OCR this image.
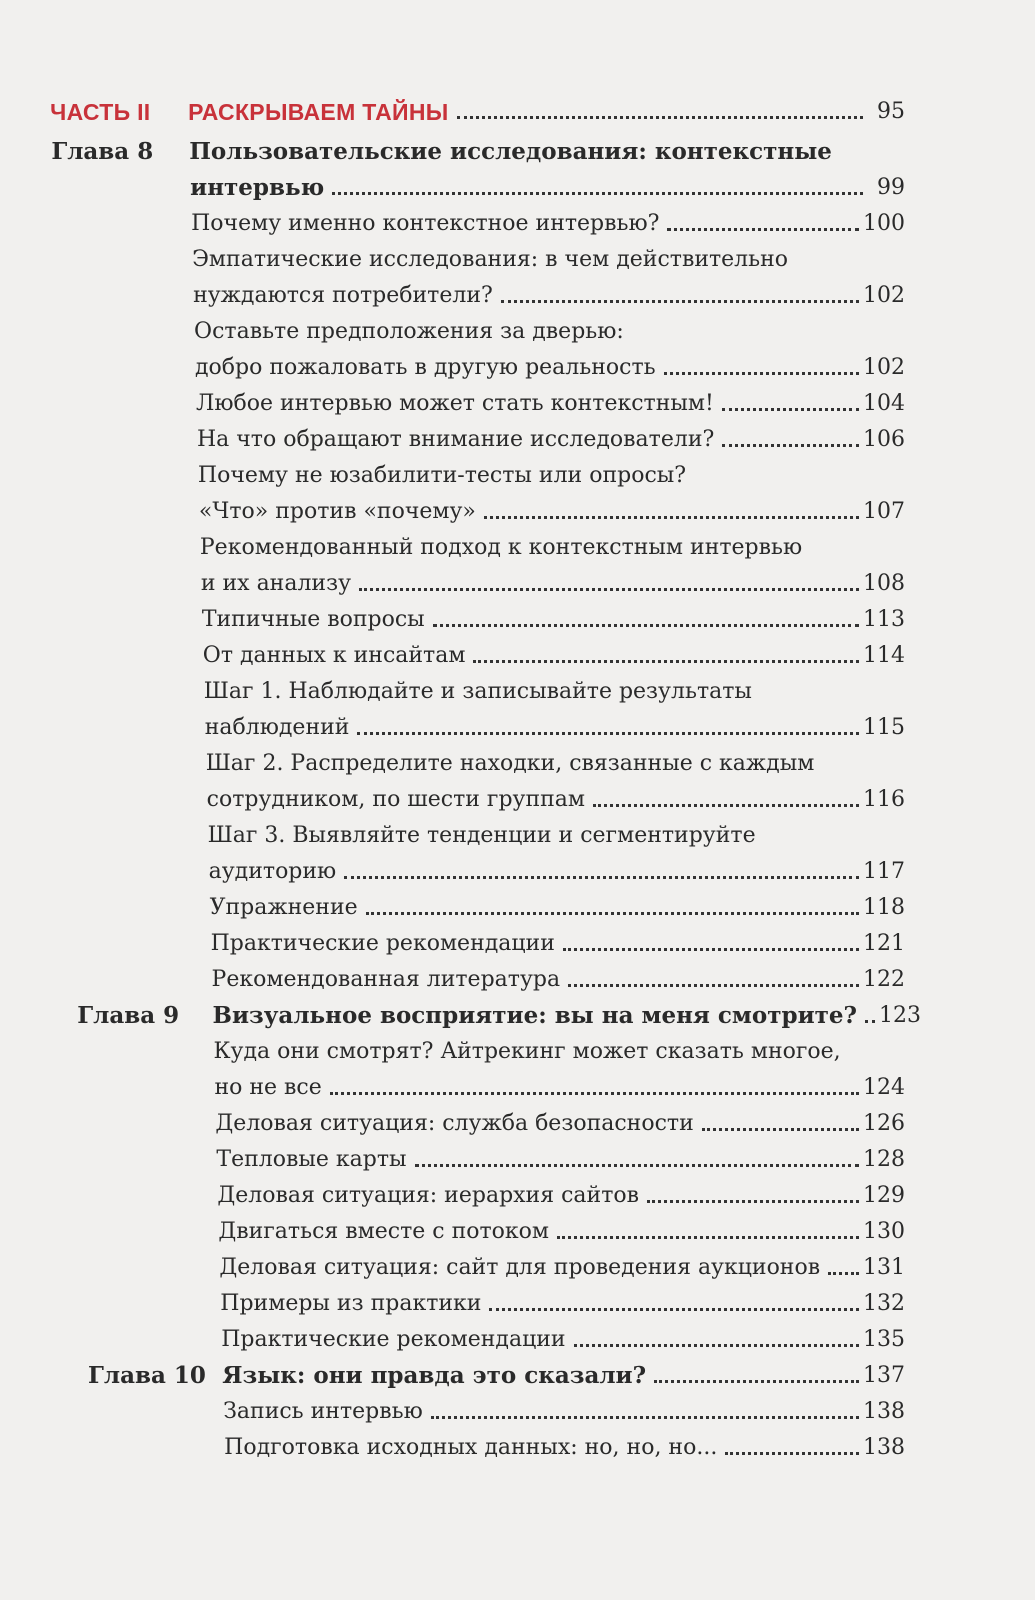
ЧАСТЬ II РАСКРЫВАЕМ ТАЙНЫ	95
Глава 8 Пользовательские исследования: контекстные
интервью	99
Почему именно контекстное интервью?	100
Эмпатические исследования: в чем действительно
нуждаются потребители?	102
Оставьте предположения за дверью:
добро пожаловать в другую реальность	102
Любое интервью может стать контекстным!	104
На что обращают внимание исследователи?	106
Почему не юзабилити-тесты или опросы?
«Что» против «почему»	107
Рекомендованный подход к контекстным интервью
и их анализу	108
Типичные вопросы	113
От данных к инсайтам	114
Шаг 1. Наблюдайте и записывайте результаты
наблюдений	115
Шаг 2. Распределите находки, связанные с каждым
сотрудником, по шести группам	116
Шаг 3. Выявляйте тенденции и сегментируйте
аудиторию	117
Упражнение	118
Практические рекомендации	121
Рекомендованная литература	122
Глава 9 Визуальное восприятие: вы на меня смотрите? 123
Куда они смотрят? Айтрекинг может сказать многое,
но не все	124
Деловая ситуация: служба безопасности	126
Тепловые карты	128
Деловая ситуация: иерархия сайтов	129
Двигаться вместе с потоком	130
Деловая ситуация: сайт для проведения аукционов 131
Примеры из практики	132
Практические рекомендации	135
Глава 10 Язык: они правда это сказали?	137
Запись интервью	138
Подготовка исходных данных: но, но, но...	138
